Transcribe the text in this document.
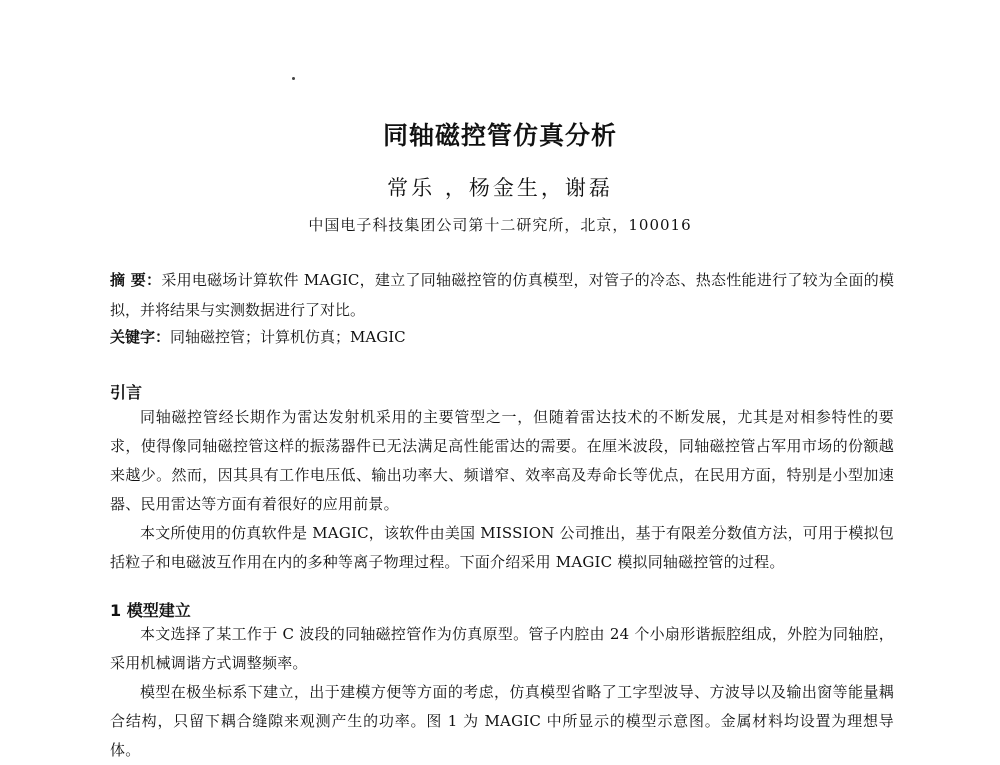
同轴磁控管仿真分析
常乐 ，杨金生，谢磊
中国电子科技集团公司第十二研究所，北京，100016
摘 要：采用电磁场计算软件 MAGIC，建立了同轴磁控管的仿真模型，对管子的冷态、热态性能进行了较为全面的模拟，并将结果与实测数据进行了对比。
关键字：同轴磁控管；计算机仿真；MAGIC
引言
同轴磁控管经长期作为雷达发射机采用的主要管型之一，但随着雷达技术的不断发展，尤其是对相参特性的要求，使得像同轴磁控管这样的振荡器件已无法满足高性能雷达的需要。在厘米波段，同轴磁控管占军用市场的份额越来越少。然而，因其具有工作电压低、输出功率大、频谱窄、效率高及寿命长等优点，在民用方面，特别是小型加速器、民用雷达等方面有着很好的应用前景。
本文所使用的仿真软件是 MAGIC，该软件由美国 MISSION 公司推出，基于有限差分数值方法，可用于模拟包括粒子和电磁波互作用在内的多种等离子物理过程。下面介绍采用 MAGIC 模拟同轴磁控管的过程。
1 模型建立
本文选择了某工作于 C 波段的同轴磁控管作为仿真原型。管子内腔由 24 个小扇形谐振腔组成，外腔为同轴腔，采用机械调谐方式调整频率。
模型在极坐标系下建立，出于建模方便等方面的考虑，仿真模型省略了工字型波导、方波导以及输出窗等能量耦合结构，只留下耦合缝隙来观测产生的功率。图 1 为 MAGIC 中所显示的模型示意图。金属材料均设置为理想导体。
